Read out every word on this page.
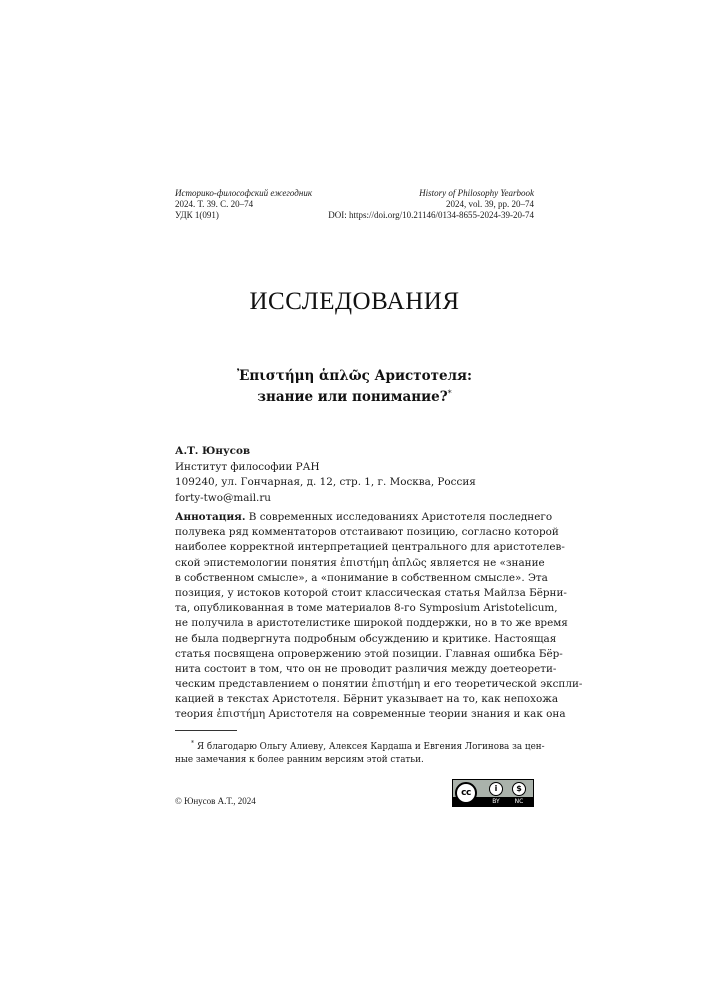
Историко-философский ежегодник
2024. Т. 39. С. 20–74
УДК 1(091)
History of Philosophy Yearbook
2024, vol. 39, pp. 20–74
DOI: https://doi.org/10.21146/0134-8655-2024-39-20-74
ИССЛЕДОВАНИЯ
Ἐπιστήμη ἁπλῶς Аристотеля:
знание или понимание?*
А.Т. Юнусов
Институт философии РАН
109240, ул. Гончарная, д. 12, стр. 1, г. Москва, Россия
forty-two@mail.ru
Аннотация. В современных исследованиях Аристотеля последнего
полувека ряд комментаторов отстаивают позицию, согласно которой
наиболее корректной интерпретацией центрального для аристотелев-
ской эпистемологии понятия ἐπιστήμη ἁπλῶς является не «знание
в собственном смысле», а «понимание в собственном смысле». Эта
позиция, у истоков которой стоит классическая статья Майлза Бёрни-
та, опубликованная в томе материалов 8-го Symposium Aristotelicum,
не получила в аристотелистике широкой поддержки, но в то же время
не была подвергнута подробным обсуждению и критике. Настоящая
статья посвящена опровержению этой позиции. Главная ошибка Бёр-
нита состоит в том, что он не проводит различия между доетеорети-
ческим представлением о понятии ἐπιστήμη и его теоретической экспли-
кацией в текстах Аристотеля. Бёрнит указывает на то, как непохожа
теория ἐπιστήμη Аристотеля на современные теории знания и как она
* Я благодарю Ольгу Алиеву, Алексея Кардаша и Евгения Логинова за цен-
ные замечания к более ранним версиям этой статьи.
© Юнусов А.Т., 2024
cc	i	$
BY	NC
